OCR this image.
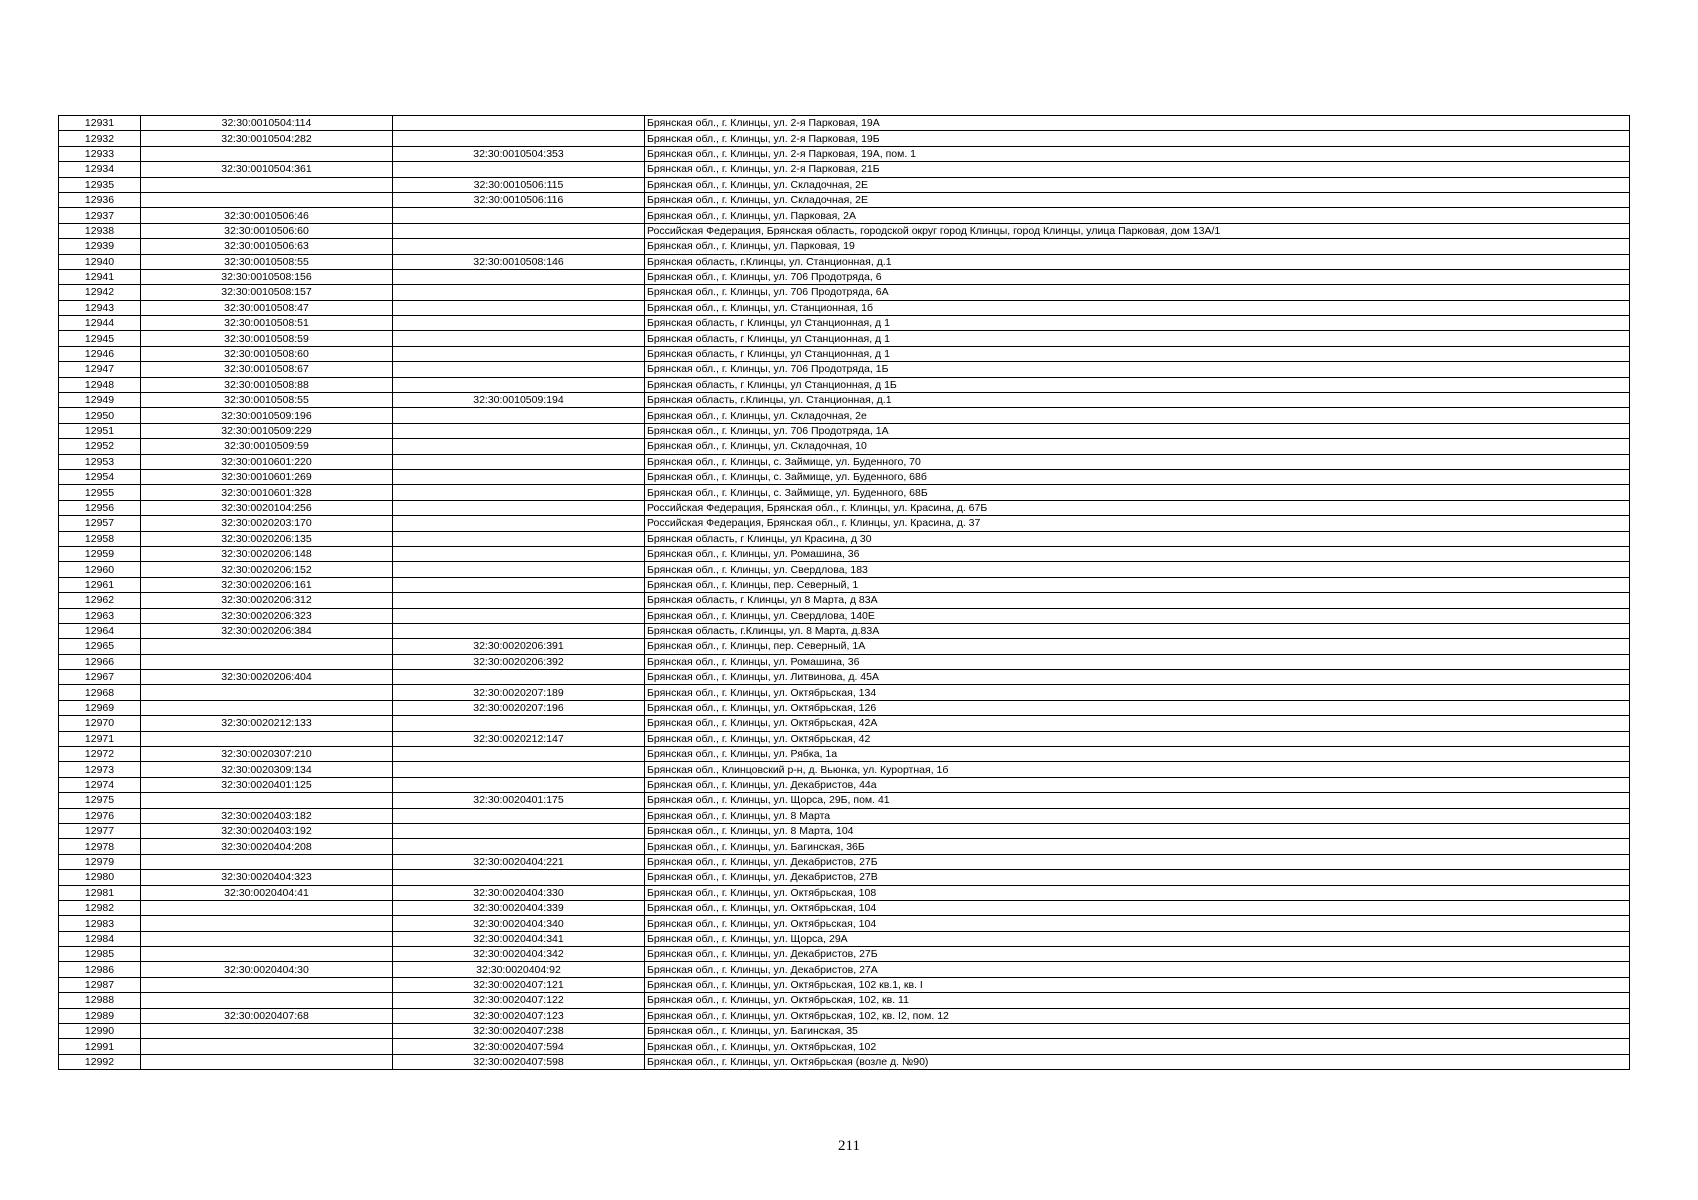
12931	32:30:0010504:114		Брянская обл., г. Клинцы, ул. 2-я Парковая, 19А
12932	32:30:0010504:282		Брянская обл., г. Клинцы, ул. 2-я Парковая, 19Б
12933		32:30:0010504:353	Брянская обл., г. Клинцы, ул. 2-я Парковая, 19А, пом. 1
12934	32:30:0010504:361		Брянская обл., г. Клинцы, ул. 2-я Парковая, 21Б
12935		32:30:0010506:115	Брянская обл., г. Клинцы, ул. Складочная, 2Е
12936		32:30:0010506:116	Брянская обл., г. Клинцы, ул. Складочная, 2Е
12937	32:30:0010506:46		Брянская обл., г. Клинцы, ул. Парковая, 2А
12938	32:30:0010506:60		Российская Федерация, Брянская область, городской округ город Клинцы, город Клинцы, улица Парковая, дом 13А/1
12939	32:30:0010506:63		Брянская обл., г. Клинцы, ул. Парковая, 19
12940	32:30:0010508:55	32:30:0010508:146	Брянская область, г.Клинцы, ул. Станционная, д.1
12941	32:30:0010508:156		Брянская обл., г. Клинцы, ул. 706 Продотряда, 6
12942	32:30:0010508:157		Брянская обл., г. Клинцы, ул. 706 Продотряда, 6А
12943	32:30:0010508:47		Брянская обл., г. Клинцы, ул. Станционная, 1б
12944	32:30:0010508:51		Брянская область, г Клинцы, ул Станционная, д 1
12945	32:30:0010508:59		Брянская область, г Клинцы, ул Станционная, д 1
12946	32:30:0010508:60		Брянская область, г Клинцы, ул Станционная, д 1
12947	32:30:0010508:67		Брянская обл., г. Клинцы, ул. 706 Продотряда, 1Б
12948	32:30:0010508:88		Брянская область, г Клинцы, ул Станционная, д 1Б
12949	32:30:0010508:55	32:30:0010509:194	Брянская область, г.Клинцы, ул. Станционная, д.1
12950	32:30:0010509:196		Брянская обл., г. Клинцы, ул. Складочная, 2е
12951	32:30:0010509:229		Брянская обл., г. Клинцы, ул. 706 Продотряда, 1А
12952	32:30:0010509:59		Брянская обл., г. Клинцы, ул. Складочная, 10
12953	32:30:0010601:220		Брянская обл., г. Клинцы, с. Займище, ул. Буденного, 70
12954	32:30:0010601:269		Брянская обл., г. Клинцы, с. Займище, ул. Буденного, 68б
12955	32:30:0010601:328		Брянская обл., г. Клинцы, с. Займище, ул. Буденного, 68Б
12956	32:30:0020104:256		Российская Федерация, Брянская обл., г. Клинцы, ул. Красина, д. 67Б
12957	32:30:0020203:170		Российская Федерация, Брянская обл., г. Клинцы, ул. Красина, д. 37
12958	32:30:0020206:135		Брянская область, г Клинцы, ул Красина, д 30
12959	32:30:0020206:148		Брянская обл., г. Клинцы, ул. Ромашина, 36
12960	32:30:0020206:152		Брянская обл., г. Клинцы, ул. Свердлова, 183
12961	32:30:0020206:161		Брянская обл., г. Клинцы, пер. Северный, 1
12962	32:30:0020206:312		Брянская область, г Клинцы, ул 8 Марта, д 83А
12963	32:30:0020206:323		Брянская обл., г. Клинцы, ул. Свердлова, 140Е
12964	32:30:0020206:384		Брянская область, г.Клинцы, ул. 8 Марта, д.83А
12965		32:30:0020206:391	Брянская обл., г. Клинцы, пер. Северный, 1А
12966		32:30:0020206:392	Брянская обл., г. Клинцы, ул. Ромашина, 36
12967	32:30:0020206:404		Брянская обл., г. Клинцы, ул. Литвинова, д. 45А
12968		32:30:0020207:189	Брянская обл., г. Клинцы, ул. Октябрьская, 134
12969		32:30:0020207:196	Брянская обл., г. Клинцы, ул. Октябрьская, 126
12970	32:30:0020212:133		Брянская обл., г. Клинцы, ул. Октябрьская, 42А
12971		32:30:0020212:147	Брянская обл., г. Клинцы, ул. Октябрьская, 42
12972	32:30:0020307:210		Брянская обл., г. Клинцы, ул. Рябка, 1а
12973	32:30:0020309:134		Брянская обл., Клинцовский р-н, д. Вьюнка, ул. Курортная, 1б
12974	32:30:0020401:125		Брянская обл., г. Клинцы, ул. Декабристов, 44а
12975		32:30:0020401:175	Брянская обл., г. Клинцы, ул. Щорса, 29Б, пом. 41
12976	32:30:0020403:182		Брянская обл., г. Клинцы, ул. 8 Марта
12977	32:30:0020403:192		Брянская обл., г. Клинцы, ул. 8 Марта, 104
12978	32:30:0020404:208		Брянская обл., г. Клинцы, ул. Багинская, 36Б
12979		32:30:0020404:221	Брянская обл., г. Клинцы, ул. Декабристов, 27Б
12980	32:30:0020404:323		Брянская обл., г. Клинцы, ул. Декабристов, 27В
12981	32:30:0020404:41	32:30:0020404:330	Брянская обл., г. Клинцы, ул. Октябрьская, 108
12982		32:30:0020404:339	Брянская обл., г. Клинцы, ул. Октябрьская, 104
12983		32:30:0020404:340	Брянская обл., г. Клинцы, ул. Октябрьская, 104
12984		32:30:0020404:341	Брянская обл., г. Клинцы, ул. Щорса, 29А
12985		32:30:0020404:342	Брянская обл., г. Клинцы, ул. Декабристов, 27Б
12986	32:30:0020404:30	32:30:0020404:92	Брянская обл., г. Клинцы, ул. Декабристов, 27А
12987		32:30:0020407:121	Брянская обл., г. Клинцы, ул. Октябрьская, 102 кв.1, кв. I
12988		32:30:0020407:122	Брянская обл., г. Клинцы, ул. Октябрьская, 102, кв. 11
12989	32:30:0020407:68	32:30:0020407:123	Брянская обл., г. Клинцы, ул. Октябрьская, 102, кв. I2, пом. 12
12990		32:30:0020407:238	Брянская обл., г. Клинцы, ул. Багинская, 35
12991		32:30:0020407:594	Брянская обл., г. Клинцы, ул. Октябрьская, 102
12992		32:30:0020407:598	Брянская обл., г. Клинцы, ул. Октябрьская (возле д. №90)
211
